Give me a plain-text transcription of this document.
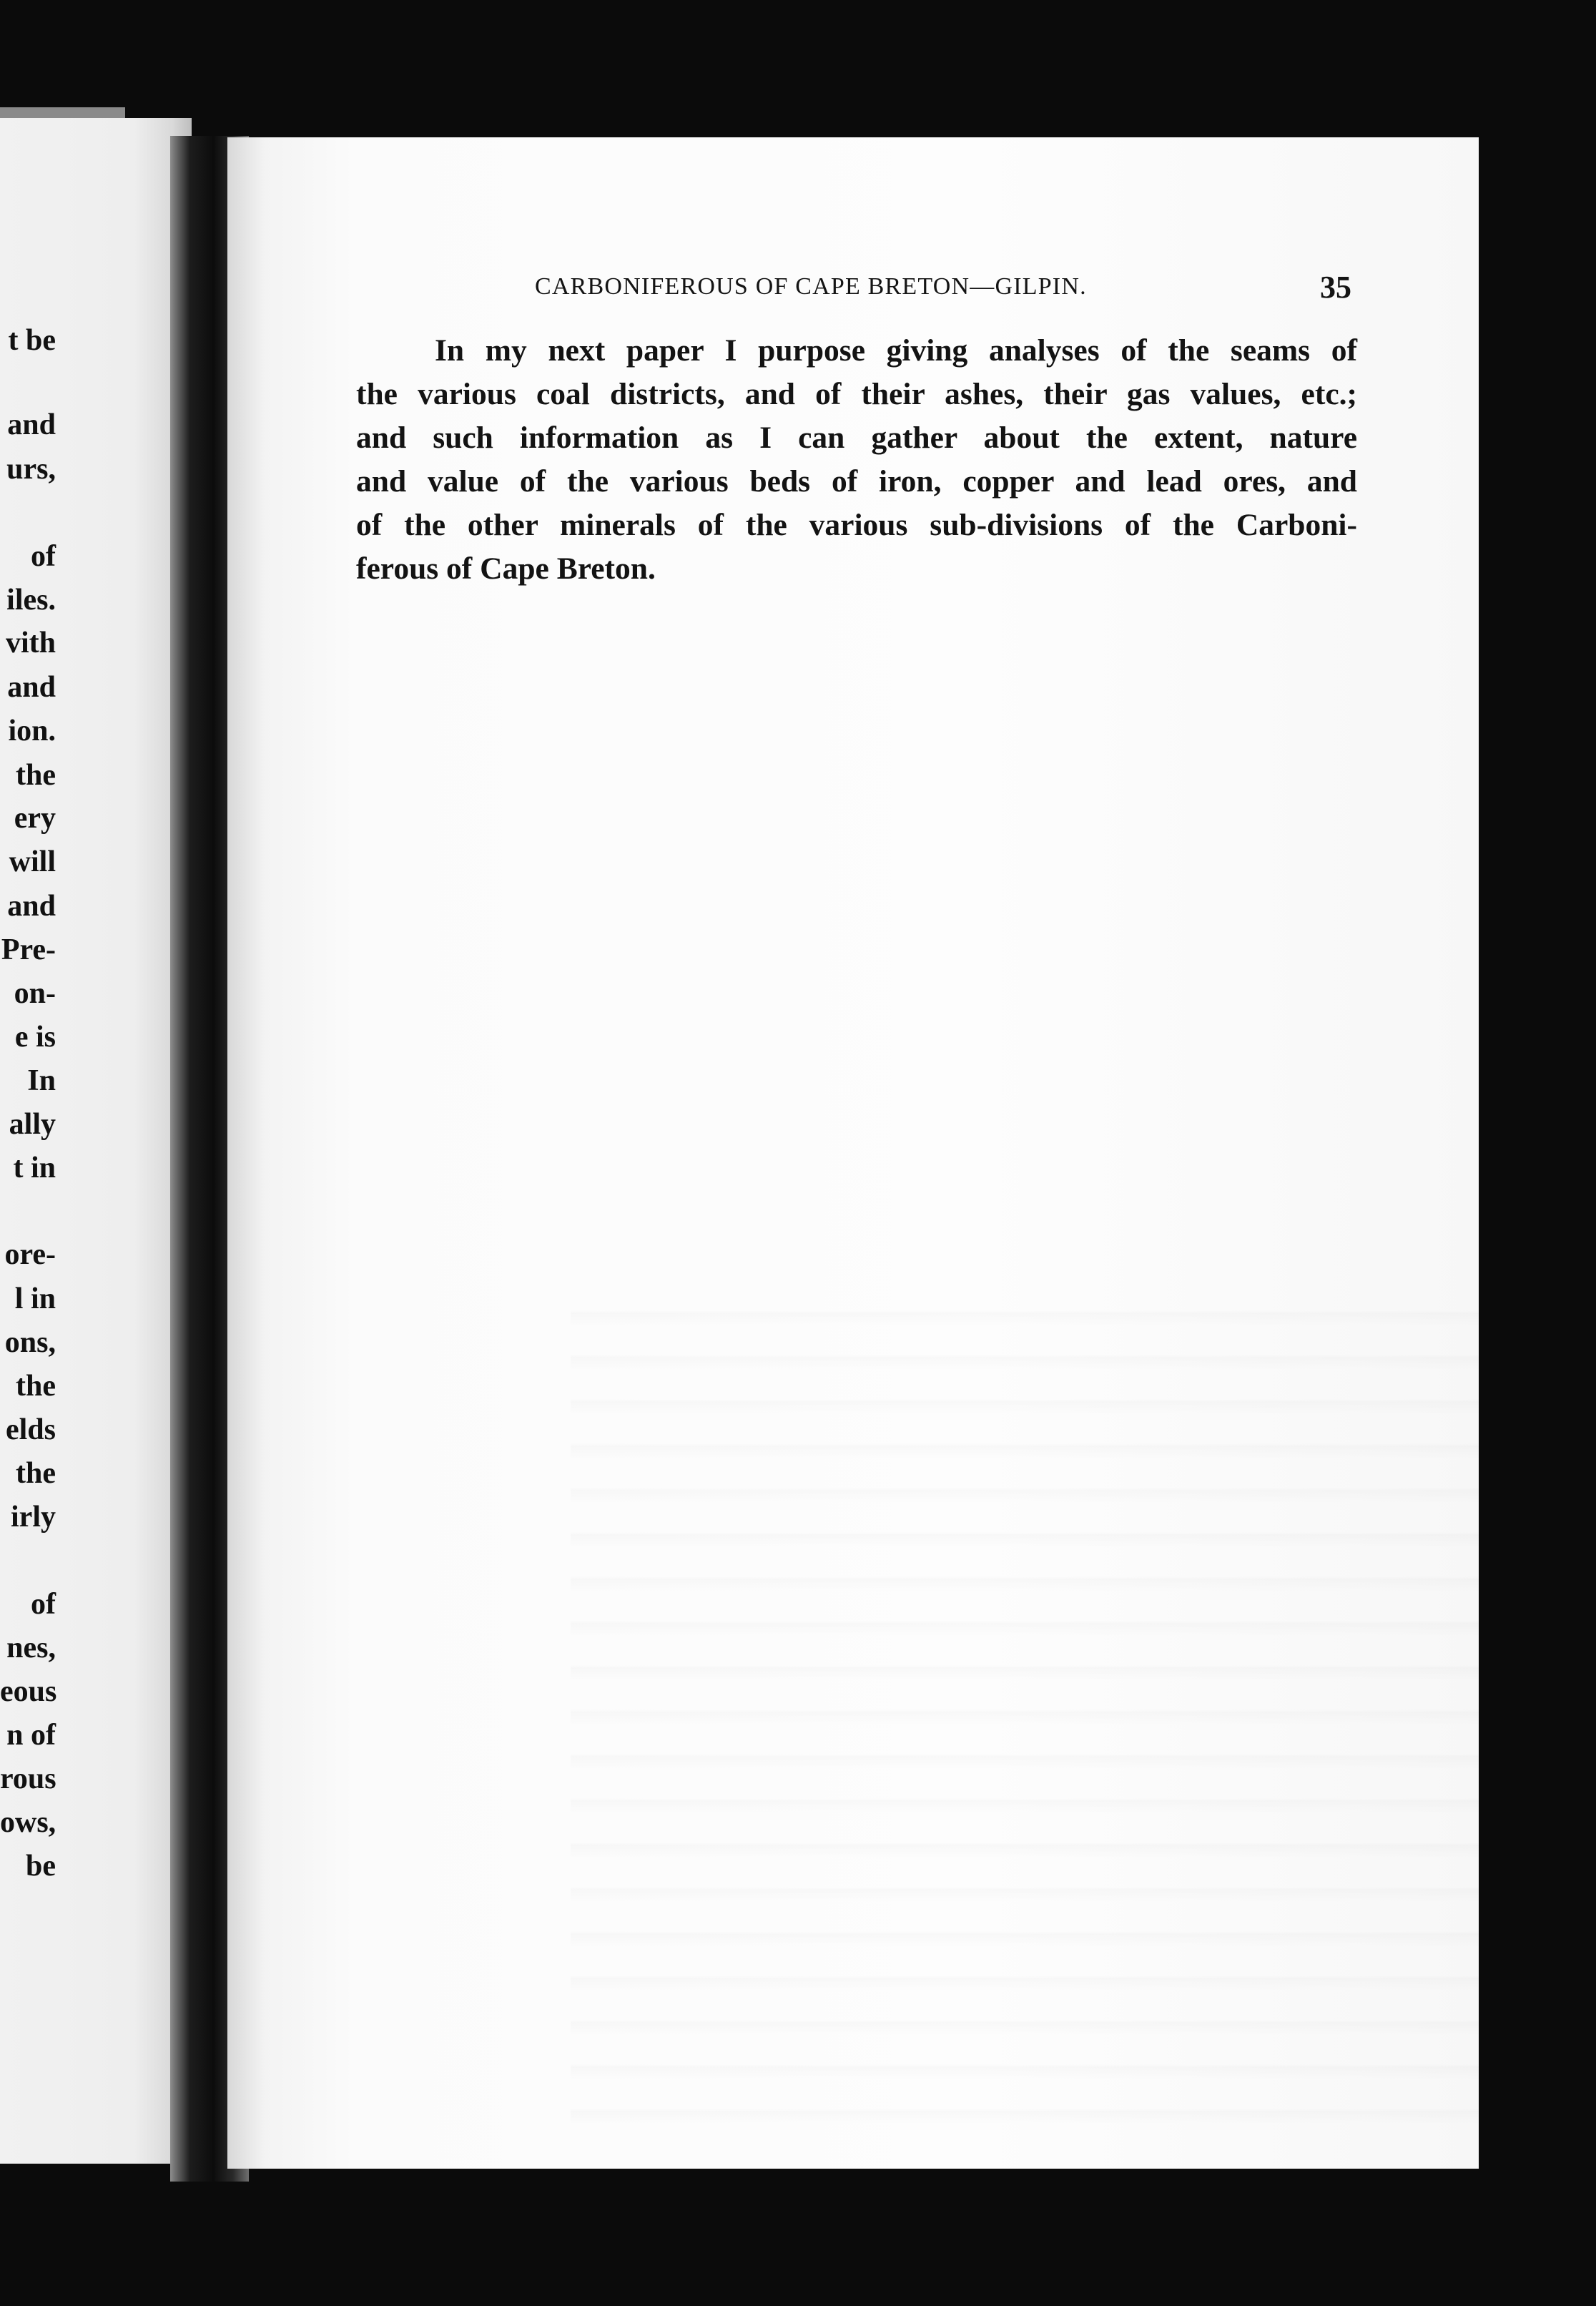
t be
and
urs,
of
iles.
vith
and
ion.
the
ery
will
and
Pre-
on-
e is
In
ally
t in
ore-
l in
ons,
the
elds
the
irly
of
nes,
eous
n of
rous
ows,
be
CARBONIFEROUS OF CAPE BRETON—GILPIN.	35
In my next paper I purpose giving analyses of the seams of
the various coal districts, and of their ashes, their gas values, etc.;
and such information as I can gather about the extent, nature
and value of the various beds of iron, copper and lead ores, and
of the other minerals of the various sub-divisions of the Carboni-
ferous of Cape Breton.
